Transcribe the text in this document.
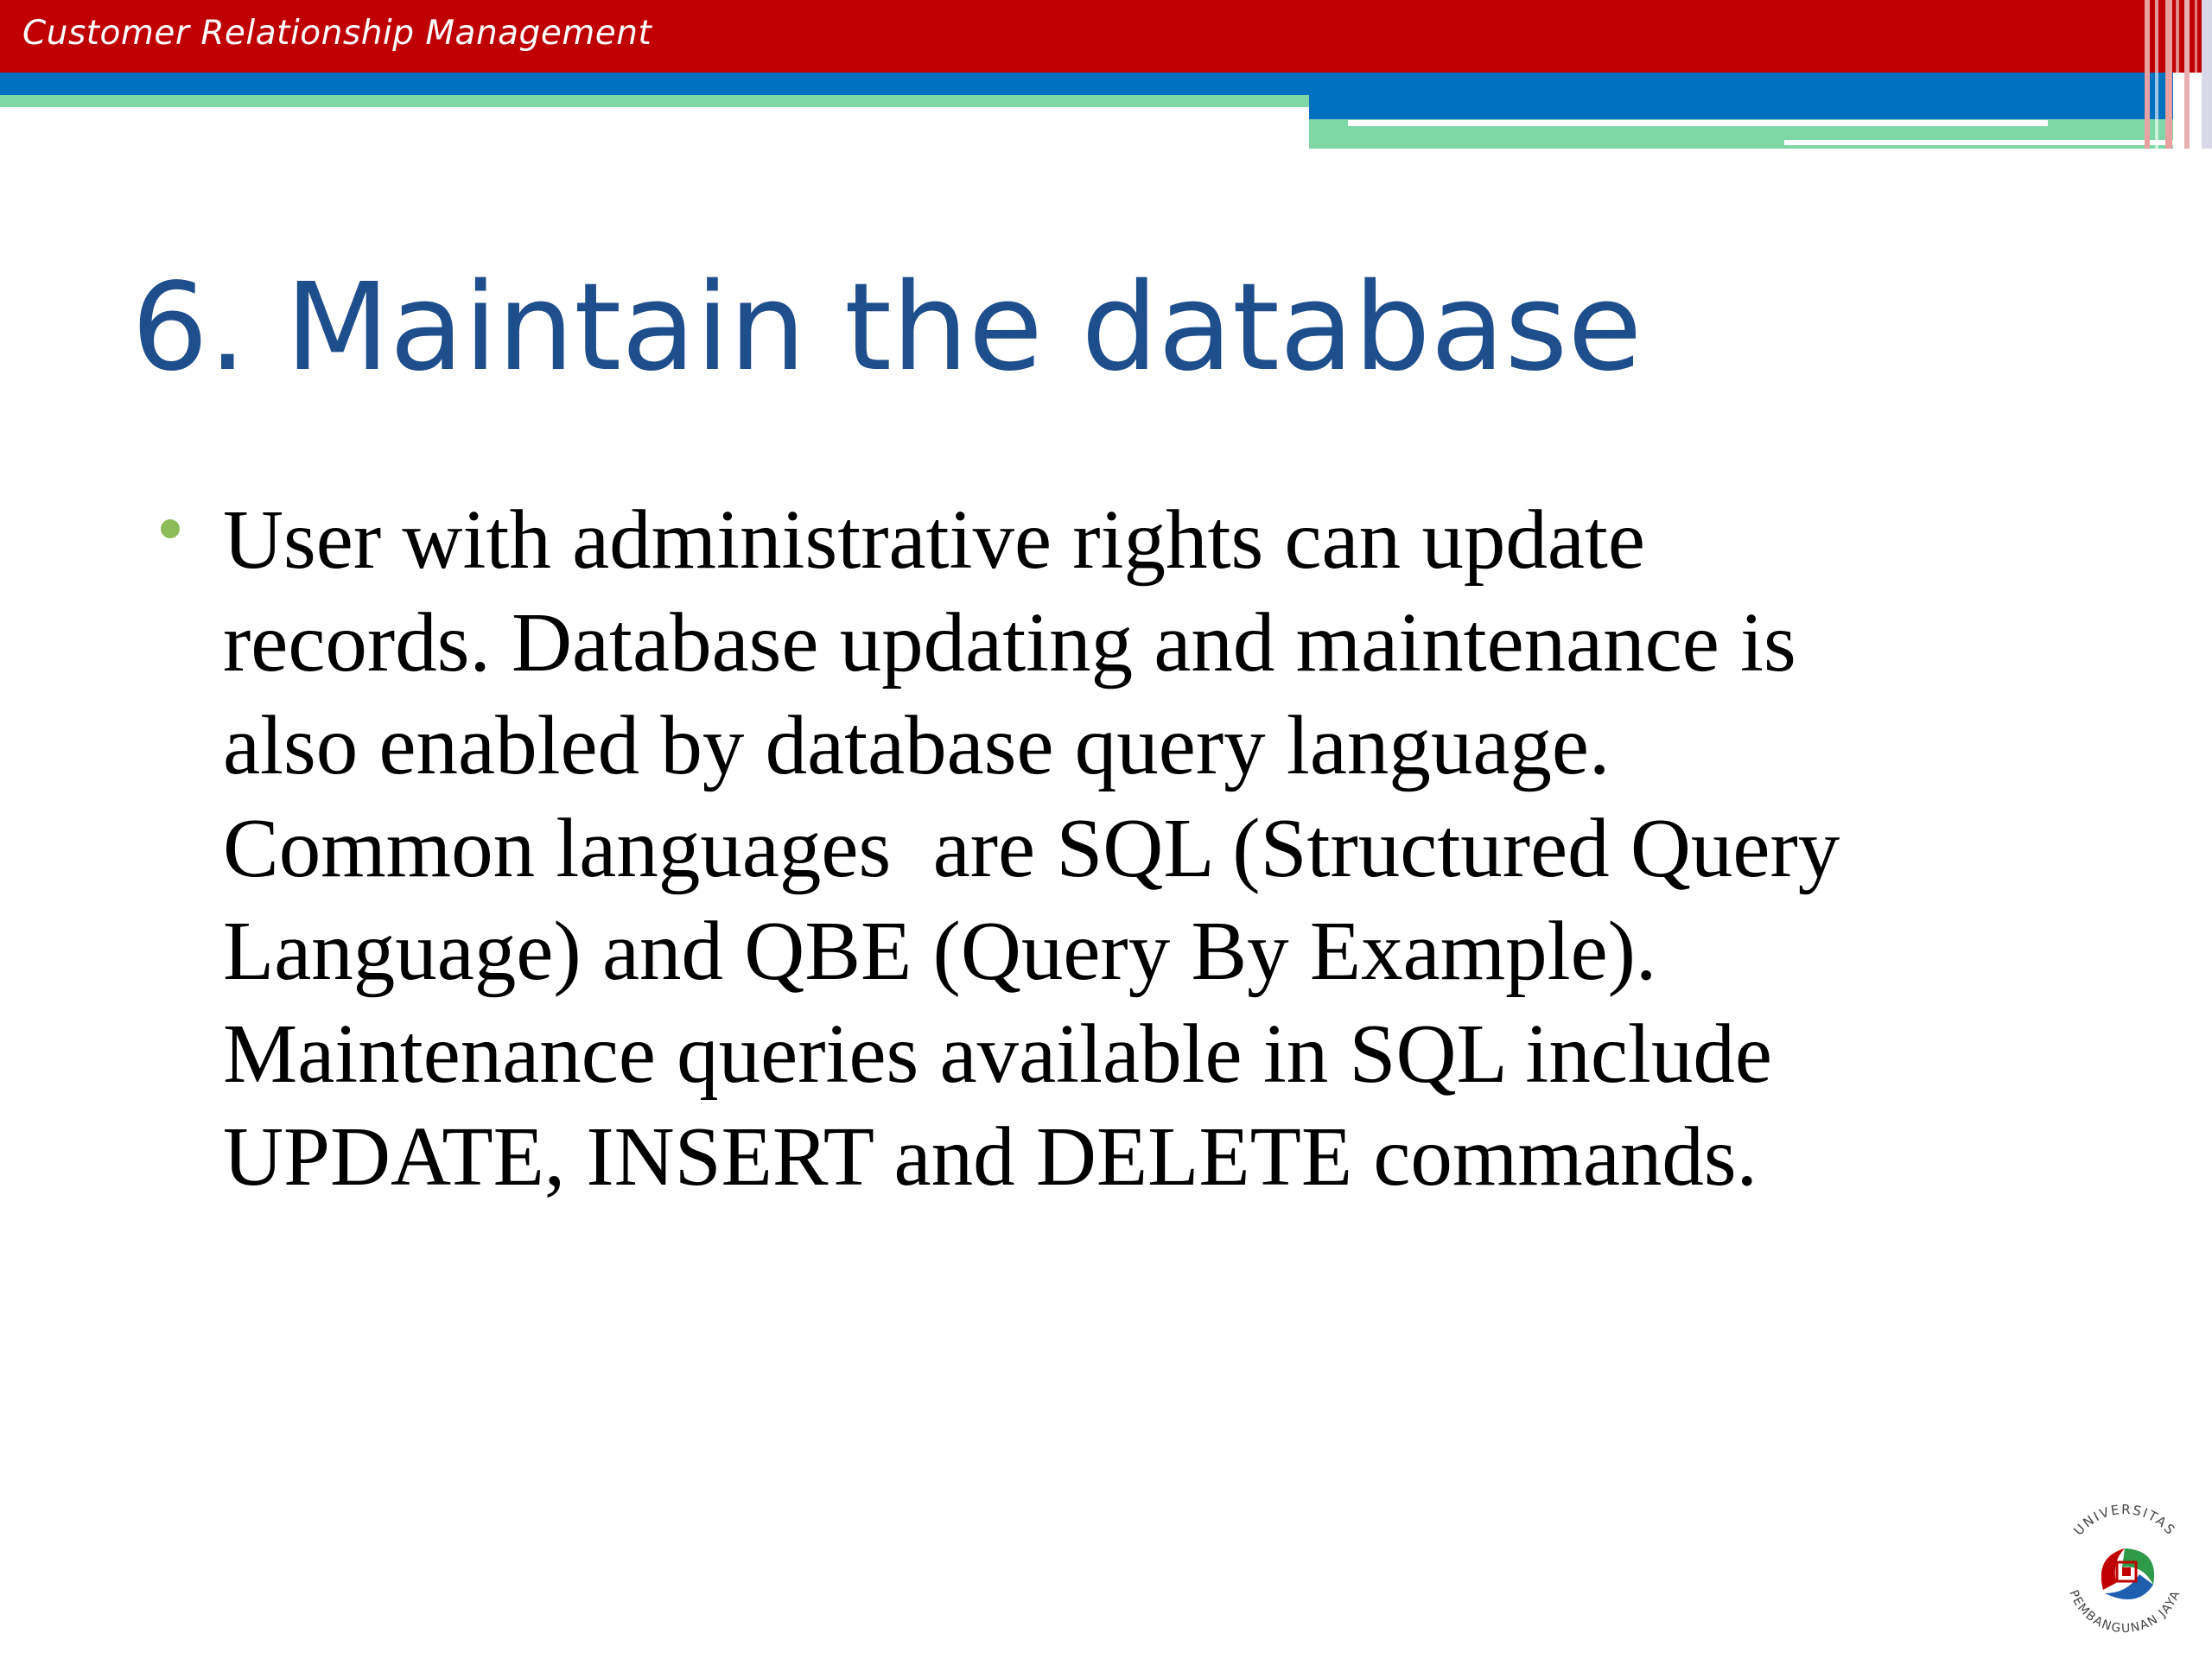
Customer Relationship Management
6. Maintain the database

User with administrative rights can update
records. Database updating and maintenance is
also enabled by database query language.
Common languages  are SQL (Structured Query
Language) and QBE (Query By Example).
Maintenance queries available in SQL include
UPDATE, INSERT and DELETE commands.

UNIVERSITAS
PEMBANGUNAN JAYA
